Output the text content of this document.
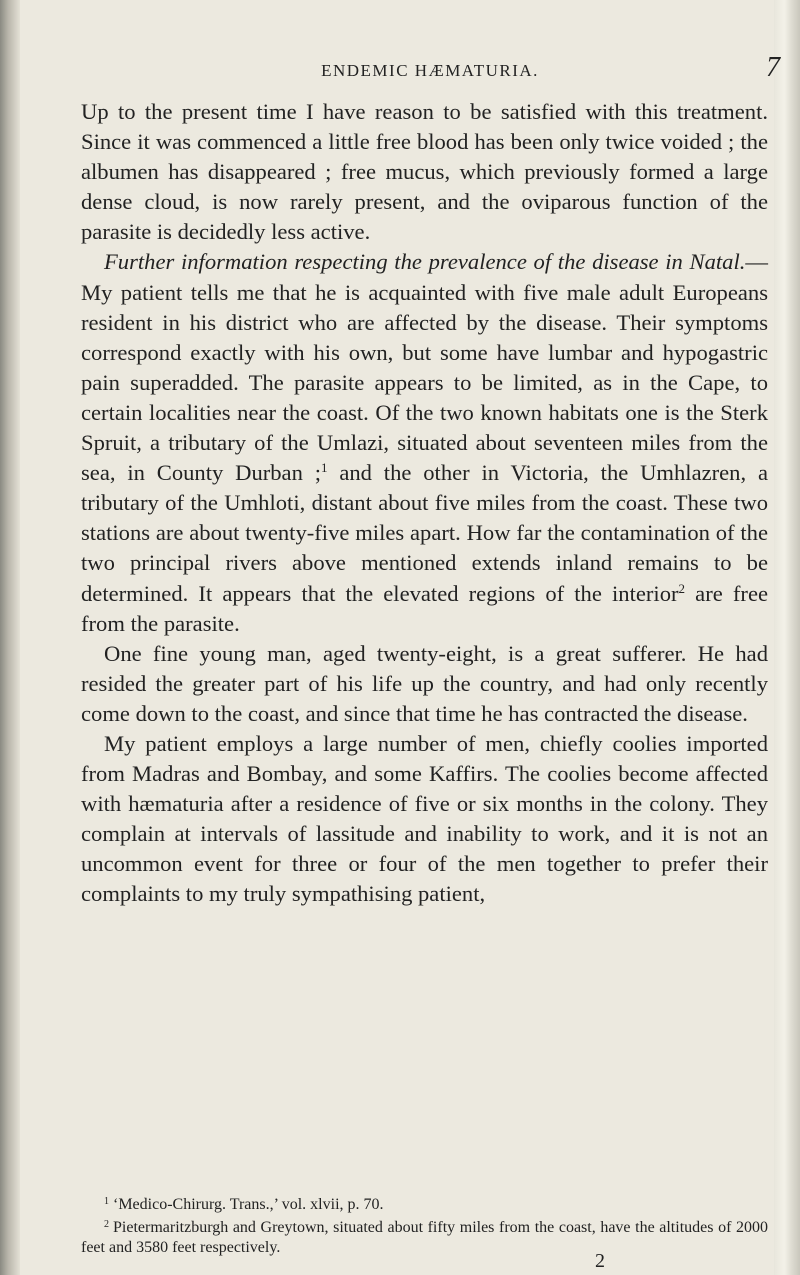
ENDEMIC HÆMATURIA.	7

Up to the present time I have reason to be satisfied with this treatment. Since it was commenced a little free blood has been only twice voided ; the albumen has disappeared ; free mucus, which previously formed a large dense cloud, is now rarely present, and the oviparous function of the parasite is decidedly less active.

Further information respecting the prevalence of the disease in Natal.—My patient tells me that he is acquainted with five male adult Europeans resident in his district who are affected by the disease. Their symptoms correspond exactly with his own, but some have lumbar and hypogastric pain superadded. The parasite appears to be limited, as in the Cape, to certain localities near the coast. Of the two known habitats one is the Sterk Spruit, a tributary of the Umlazi, situated about seventeen miles from the sea, in County Durban ;$^1$ and the other in Victoria, the Umhlazren, a tributary of the Umhloti, distant about five miles from the coast. These two stations are about twenty-five miles apart. How far the contamination of the two principal rivers above mentioned extends inland remains to be determined. It appears that the elevated regions of the interior$^2$ are free from the parasite.

One fine young man, aged twenty-eight, is a great sufferer. He had resided the greater part of his life up the country, and had only recently come down to the coast, and since that time he has contracted the disease.

My patient employs a large number of men, chiefly coolies imported from Madras and Bombay, and some Kaffirs. The coolies become affected with hæmaturia after a residence of five or six months in the colony. They complain at intervals of lassitude and inability to work, and it is not an uncommon event for three or four of the men together to prefer their complaints to my truly sympathising patient,

$^1$ ‘Medico-Chirurg. Trans.,’ vol. xlvii, p. 70.

$^2$ Pietermaritzburgh and Greytown, situated about fifty miles from the coast, have the altitudes of 2000 feet and 3580 feet respectively.

2
